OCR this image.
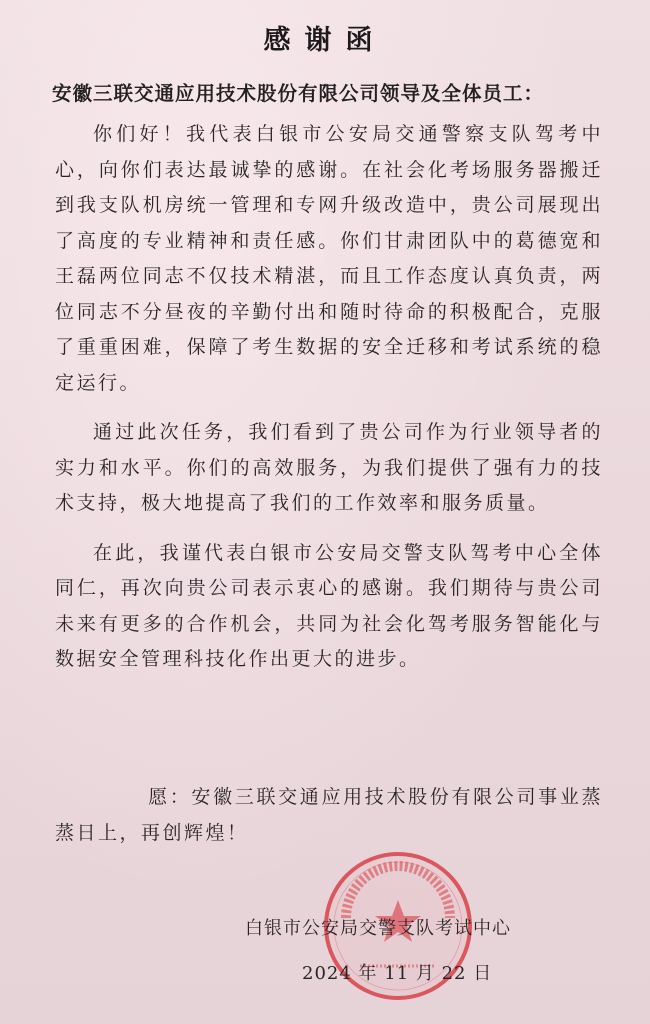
感谢函
安徽三联交通应用技术股份有限公司领导及全体员工：

你们好！我代表白银市公安局交通警察支队驾考中心，向你们表达最诚挚的感谢。在社会化考场服务器搬迁到我支队机房统一管理和专网升级改造中，贵公司展现出了高度的专业精神和责任感。你们甘肃团队中的葛德宽和王磊两位同志不仅技术精湛，而且工作态度认真负责，两位同志不分昼夜的辛勤付出和随时待命的积极配合，克服了重重困难，保障了考生数据的安全迁移和考试系统的稳定运行。

通过此次任务，我们看到了贵公司作为行业领导者的实力和水平。你们的高效服务，为我们提供了强有力的技术支持，极大地提高了我们的工作效率和服务质量。

在此，我谨代表白银市公安局交警支队驾考中心全体同仁，再次向贵公司表示衷心的感谢。我们期待与贵公司未来有更多的合作机会，共同为社会化驾考服务智能化与数据安全管理科技化作出更大的进步。

愿：安徽三联交通应用技术股份有限公司事业蒸蒸日上，再创辉煌！
白银市公安局交警支队考试中心
2024 年 11 月 22 日
